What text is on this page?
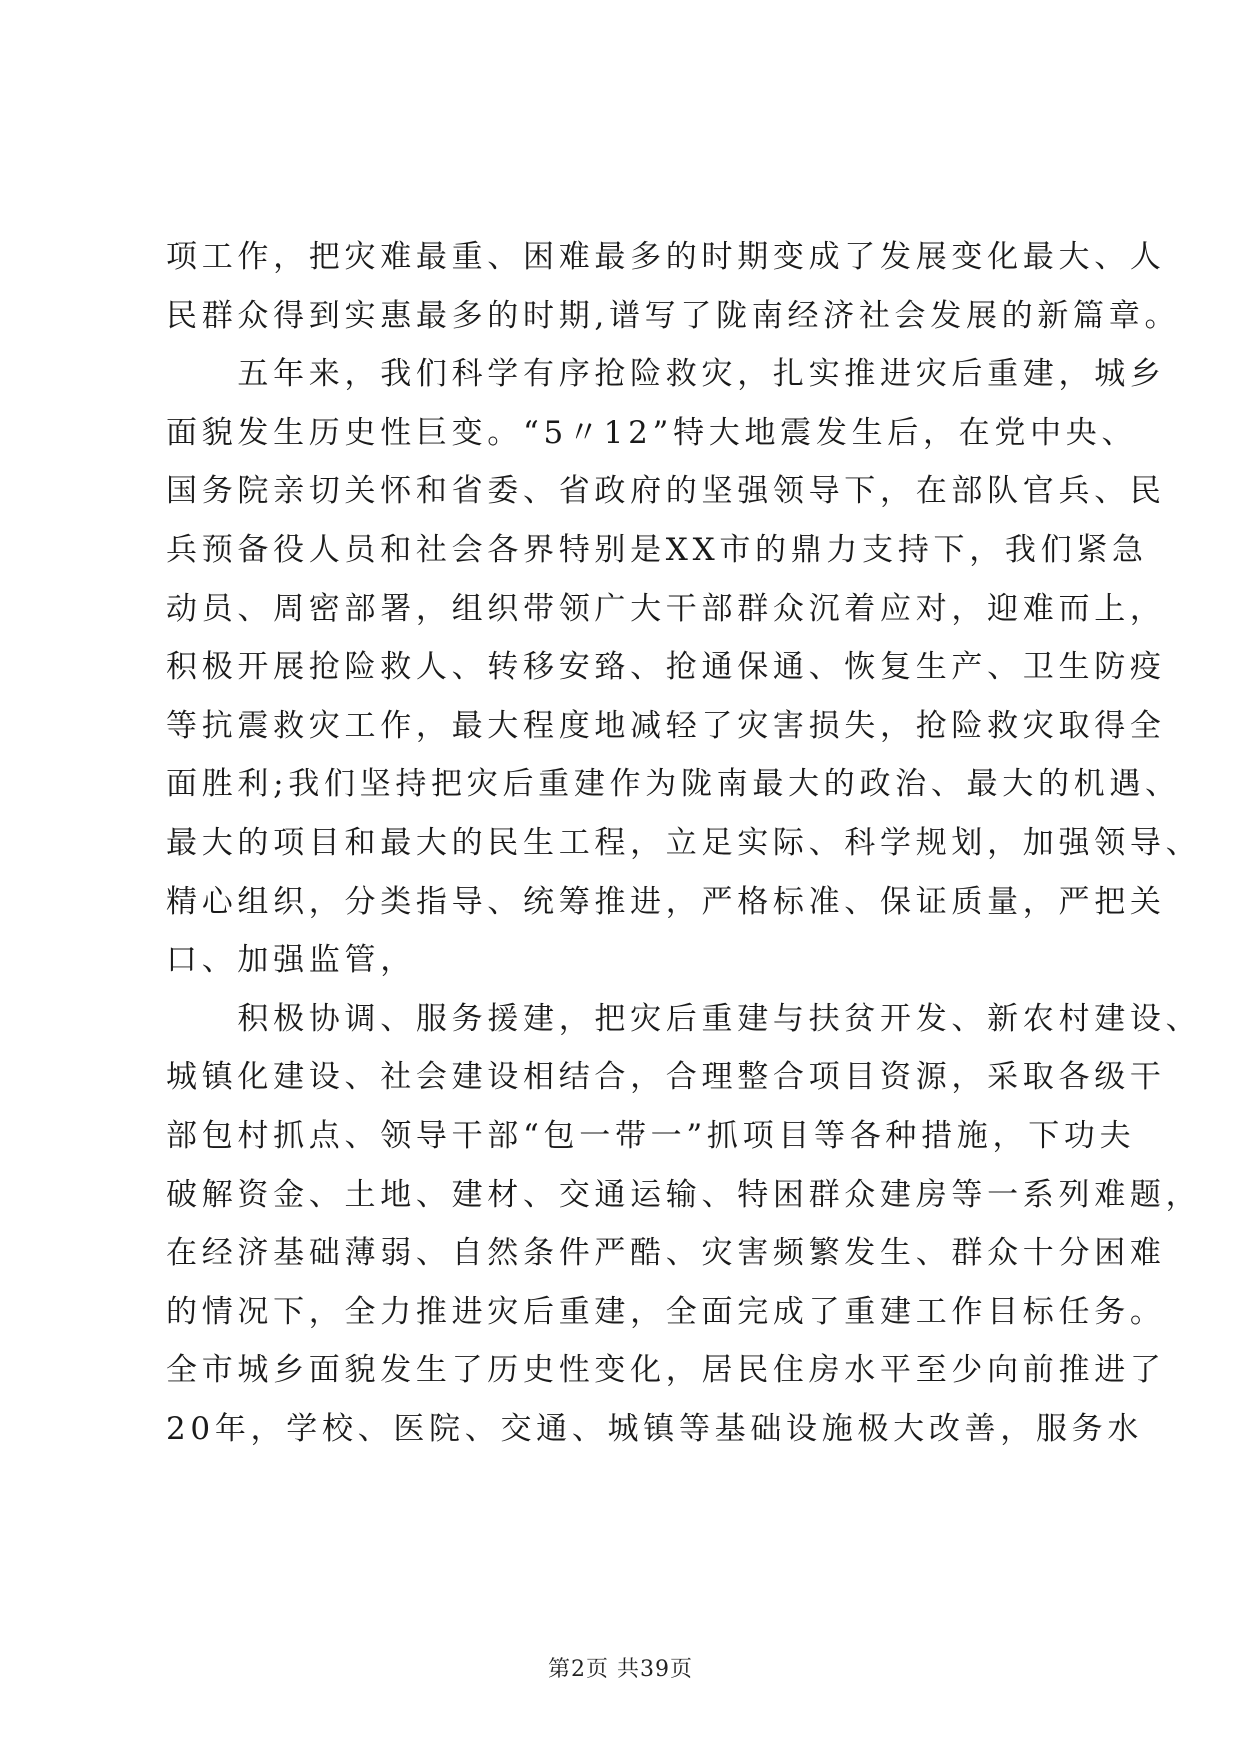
项工作，把灾难最重、困难最多的时期变成了发展变化最大、人
民群众得到实惠最多的时期,谱写了陇南经济社会发展的新篇章。
　　五年来，我们科学有序抢险救灾，扎实推进灾后重建，城乡
面貌发生历史性巨变。“5〃12”特大地震发生后，在党中央、
国务院亲切关怀和省委、省政府的坚强领导下，在部队官兵、民
兵预备役人员和社会各界特别是XX市的鼎力支持下，我们紧急
动员、周密部署，组织带领广大干部群众沉着应对，迎难而上，
积极开展抢险救人、转移安臵、抢通保通、恢复生产、卫生防疫
等抗震救灾工作，最大程度地减轻了灾害损失，抢险救灾取得全
面胜利;我们坚持把灾后重建作为陇南最大的政治、最大的机遇、
最大的项目和最大的民生工程，立足实际、科学规划，加强领导、
精心组织，分类指导、统筹推进，严格标准、保证质量，严把关
口、加强监管，
　　积极协调、服务援建，把灾后重建与扶贫开发、新农村建设、
城镇化建设、社会建设相结合，合理整合项目资源，采取各级干
部包村抓点、领导干部“包一带一”抓项目等各种措施，下功夫
破解资金、土地、建材、交通运输、特困群众建房等一系列难题，
在经济基础薄弱、自然条件严酷、灾害频繁发生、群众十分困难
的情况下，全力推进灾后重建，全面完成了重建工作目标任务。
全市城乡面貌发生了历史性变化，居民住房水平至少向前推进了
20年，学校、医院、交通、城镇等基础设施极大改善，服务水
第2页 共39页
